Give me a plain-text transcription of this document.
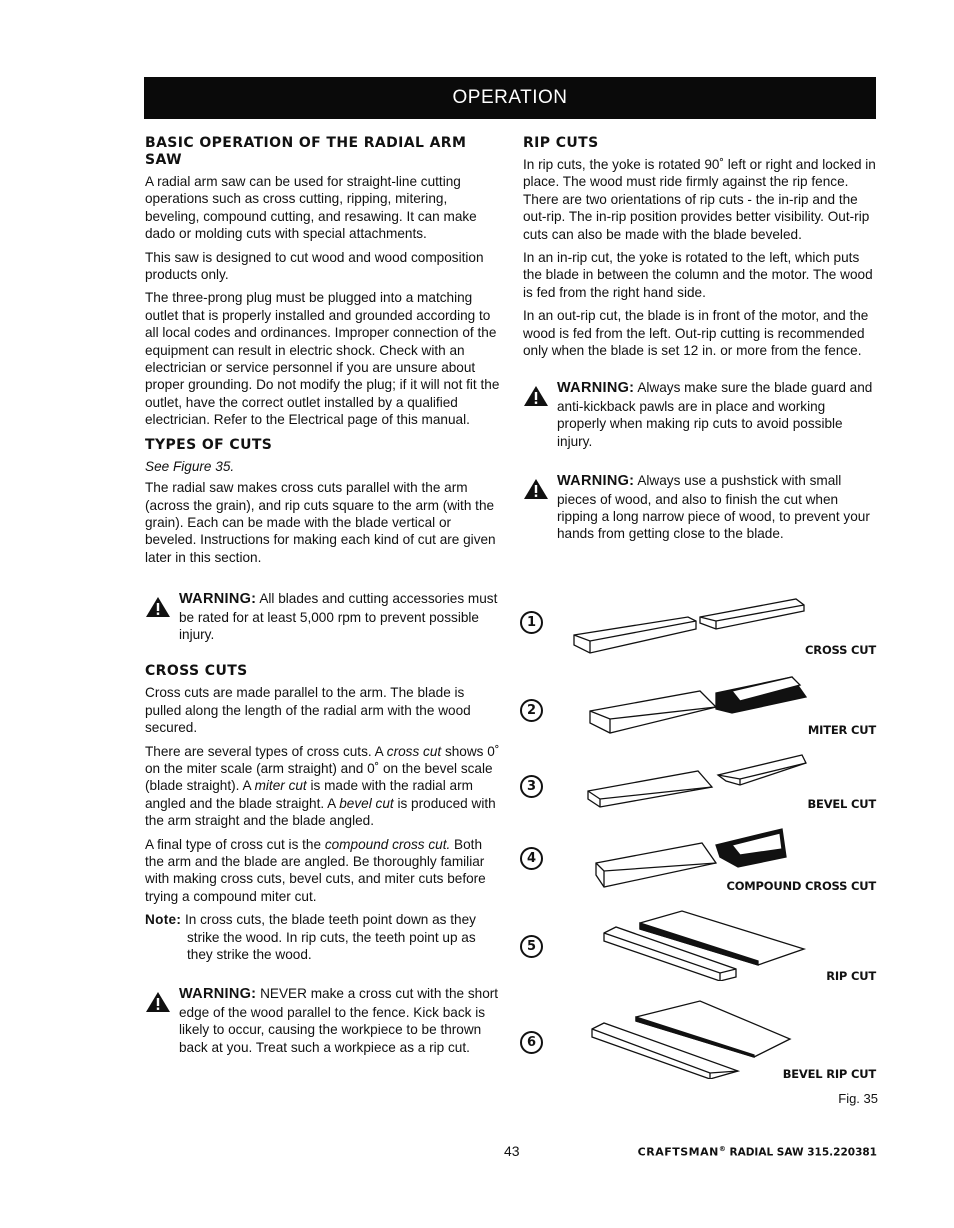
OPERATION
BASIC OPERATION OF THE RADIAL ARM SAW

A radial arm saw can be used for straight-line cutting operations such as cross cutting, ripping, mitering, beveling, compound cutting, and resawing. It can make dado or molding cuts with special attachments.

This saw is designed to cut wood and wood composition products only.

The three-prong plug must be plugged into a matching outlet that is properly installed and grounded according to all local codes and ordinances. Improper connection of the equipment can result in electric shock. Check with an electrician or service personnel if you are unsure about proper grounding. Do not modify the plug; if it will not fit the outlet, have the correct outlet installed by a qualified electrician. Refer to the Electrical page of this manual.

TYPES OF CUTS
See Figure 35.

The radial saw makes cross cuts parallel with the arm (across the grain), and rip cuts square to the arm (with the grain). Each can be made with the blade vertical or beveled. Instructions for making each kind of cut are given later in this section.

WARNING: All blades and cutting accessories must be rated for at least 5,000 rpm to prevent possible injury.
CROSS CUTS

Cross cuts are made parallel to the arm. The blade is pulled along the length of the radial arm with the wood secured.

There are several types of cross cuts. A cross cut shows 0˚ on the miter scale (arm straight) and 0˚ on the bevel scale (blade straight). A miter cut is made with the radial arm angled and the blade straight. A bevel cut is produced with the arm straight and the blade angled.

A final type of cross cut is the compound cross cut. Both the arm and the blade are angled. Be thoroughly familiar with making cross cuts, bevel cuts, and miter cuts before trying a compound miter cut.

Note: In cross cuts, the blade teeth point down as they strike the wood. In rip cuts, the teeth point up as they strike the wood.

WARNING: NEVER make a cross cut with the short edge of the wood parallel to the fence. Kick back is likely to occur, causing the workpiece to be thrown back at you. Treat such a workpiece as a rip cut.
RIP CUTS

In rip cuts, the yoke is rotated 90˚ left or right and locked in place. The wood must ride firmly against the rip fence. There are two orientations of rip cuts - the in-rip and the out-rip. The in-rip position provides better visibility. Out-rip cuts can also be made with the blade beveled.

In an in-rip cut, the yoke is rotated to the left, which puts the blade in between the column and the motor. The wood is fed from the right hand side.

In an out-rip cut, the blade is in front of the motor, and the wood is fed from the left. Out-rip cutting is recommended only when the blade is set 12 in. or more from the fence.

WARNING: Always make sure the blade guard and anti-kickback pawls are in place and working properly when making rip cuts to avoid possible injury.
WARNING: Always use a pushstick with small pieces of wood, and also to finish the cut when ripping a long narrow piece of wood, to prevent your hands from getting close to the blade.
1
CROSS CUT
2
MITER CUT
3
BEVEL CUT
4
COMPOUND CROSS CUT
5
RIP CUT
6
BEVEL RIP CUT
Fig. 35
43	CRAFTSMAN® RADIAL SAW 315.220381
